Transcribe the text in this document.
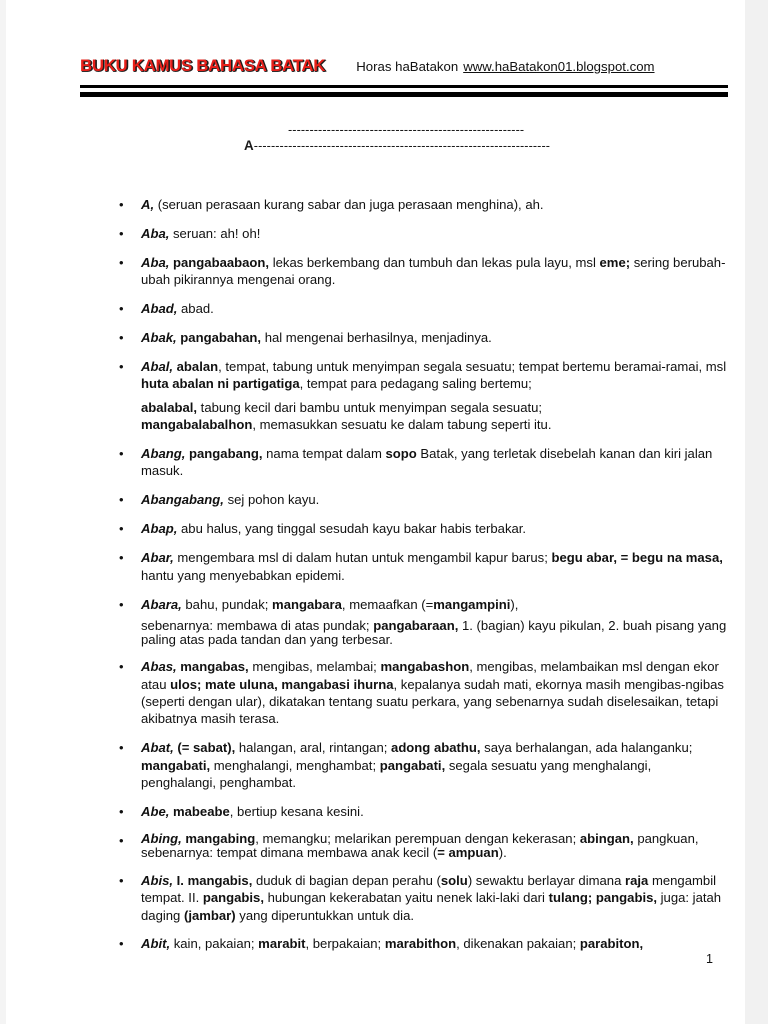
BUKU KAMUS BAHASA BATAK Horas haBatakon www.haBatakon01.blogspot.com
-------------------------------------------------------
A---------------------------------------------------------------------
• A, (seruan perasaan kurang sabar dan juga perasaan menghina), ah.
• Aba, seruan: ah! oh!
• Aba, pangabaabaon, lekas berkembang dan tumbuh dan lekas pula layu, msl eme; sering berubah-ubah pikirannya mengenai orang.
• Abad, abad.
• Abak, pangabahan, hal mengenai berhasilnya, menjadinya.
• Abal, abalan, tempat, tabung untuk menyimpan segala sesuatu; tempat bertemu beramai-ramai, msl huta abalan ni partigatiga, tempat para pedagang saling bertemu;
abalabal, tabung kecil dari bambu untuk menyimpan segala sesuatu;
mangabalabalhon, memasukkan sesuatu ke dalam tabung seperti itu.
• Abang, pangabang, nama tempat dalam sopo Batak, yang terletak disebelah kanan dan kiri jalan masuk.
• Abangabang, sej pohon kayu.
• Abap, abu halus, yang tinggal sesudah kayu bakar habis terbakar.
• Abar, mengembara msl di dalam hutan untuk mengambil kapur barus; begu abar, = begu na masa, hantu yang menyebabkan epidemi.
• Abara, bahu, pundak; mangabara, memaafkan (=mangampini),
sebenarnya: membawa di atas pundak; pangabaraan, 1. (bagian) kayu pikulan, 2. buah pisang yang paling atas pada tandan dan yang terbesar.
• Abas, mangabas, mengibas, melambai; mangabashon, mengibas, melambaikan msl dengan ekor atau ulos; mate uluna, mangabasi ihurna, kepalanya sudah mati, ekornya masih mengibas-ngibas (seperti dengan ular), dikatakan tentang suatu perkara, yang sebenarnya sudah diselesaikan, tetapi akibatnya masih terasa.
• Abat, (= sabat), halangan, aral, rintangan; adong abathu, saya berhalangan, ada halanganku; mangabati, menghalangi, menghambat; pangabati, segala sesuatu yang menghalangi, penghalangi, penghambat.
• Abe, mabeabe, bertiup kesana kesini.
• Abing, mangabing, memangku; melarikan perempuan dengan kekerasan; abingan, pangkuan, sebenarnya: tempat dimana membawa anak kecil (= ampuan).
• Abis, I. mangabis, duduk di bagian depan perahu (solu) sewaktu berlayar dimana raja mengambil tempat. II. pangabis, hubungan kekerabatan yaitu nenek laki-laki dari tulang; pangabis, juga: jatah daging (jambar) yang diperuntukkan untuk dia.
• Abit, kain, pakaian; marabit, berpakaian; marabithon, dikenakan pakaian; parabiton,
1
